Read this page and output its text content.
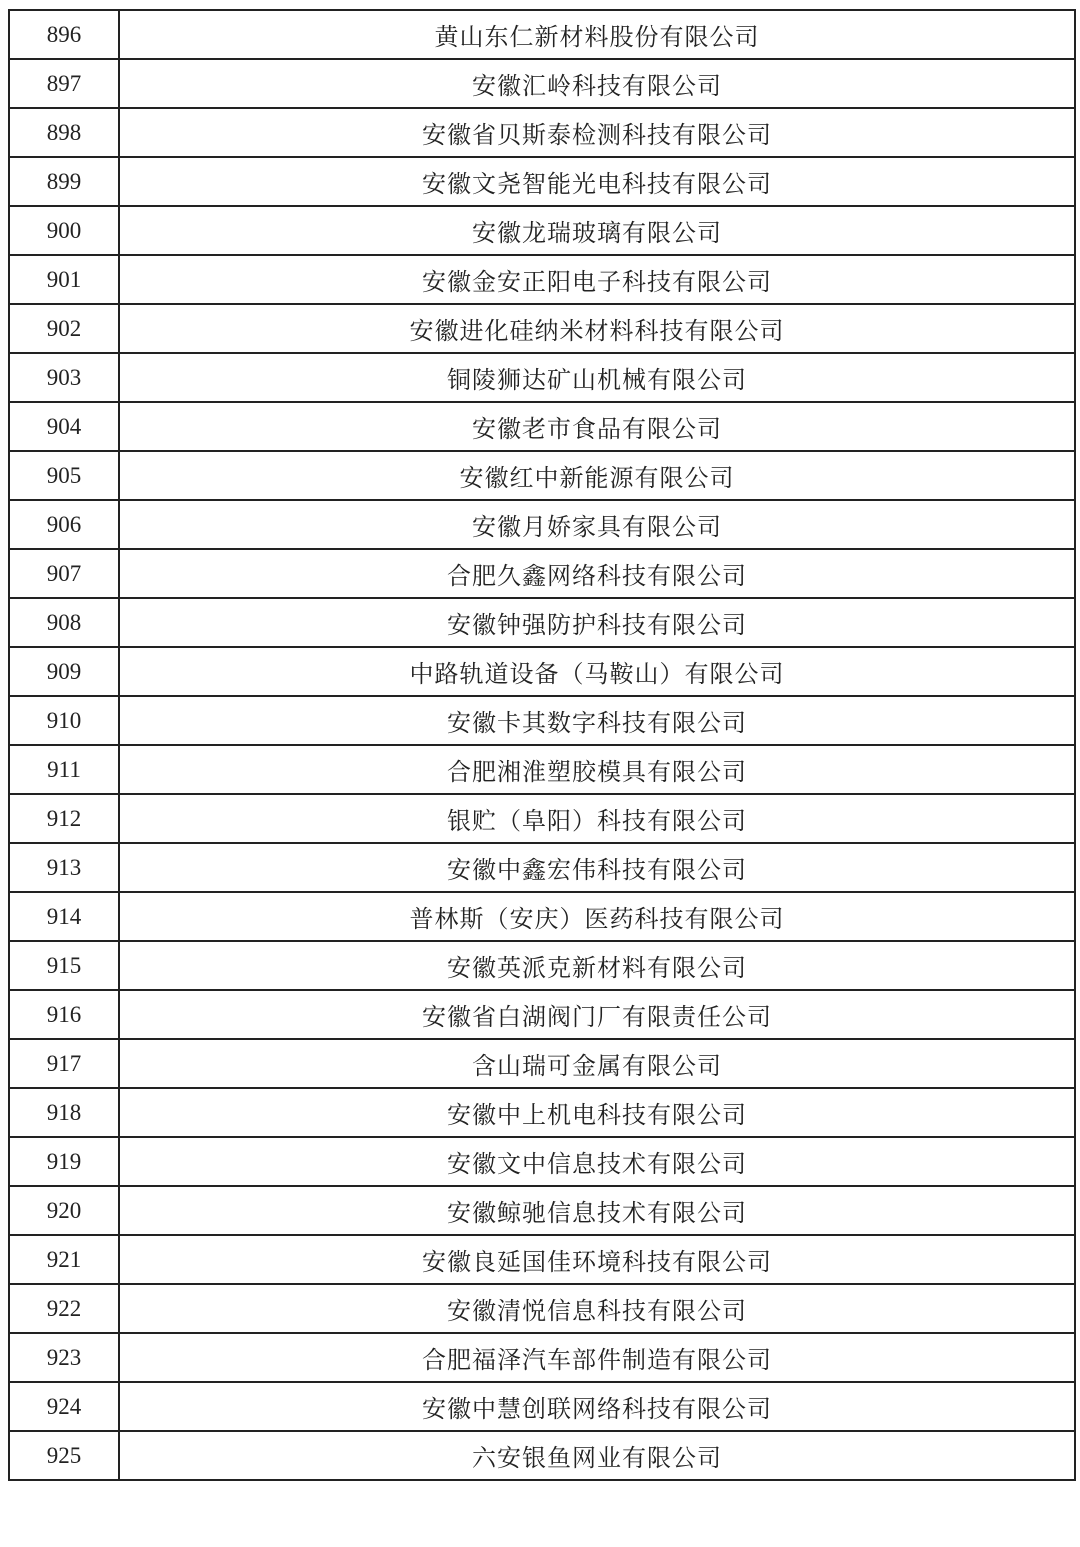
896	黄山东仁新材料股份有限公司
897	安徽汇岭科技有限公司
898	安徽省贝斯泰检测科技有限公司
899	安徽文尧智能光电科技有限公司
900	安徽龙瑞玻璃有限公司
901	安徽金安正阳电子科技有限公司
902	安徽进化硅纳米材料科技有限公司
903	铜陵狮达矿山机械有限公司
904	安徽老市食品有限公司
905	安徽红中新能源有限公司
906	安徽月娇家具有限公司
907	合肥久鑫网络科技有限公司
908	安徽钟强防护科技有限公司
909	中路轨道设备（马鞍山）有限公司
910	安徽卡其数字科技有限公司
911	合肥湘淮塑胶模具有限公司
912	银贮（阜阳）科技有限公司
913	安徽中鑫宏伟科技有限公司
914	普林斯（安庆）医药科技有限公司
915	安徽英派克新材料有限公司
916	安徽省白湖阀门厂有限责任公司
917	含山瑞可金属有限公司
918	安徽中上机电科技有限公司
919	安徽文中信息技术有限公司
920	安徽鲸驰信息技术有限公司
921	安徽良延国佳环境科技有限公司
922	安徽清悦信息科技有限公司
923	合肥福泽汽车部件制造有限公司
924	安徽中慧创联网络科技有限公司
925	六安银鱼网业有限公司
